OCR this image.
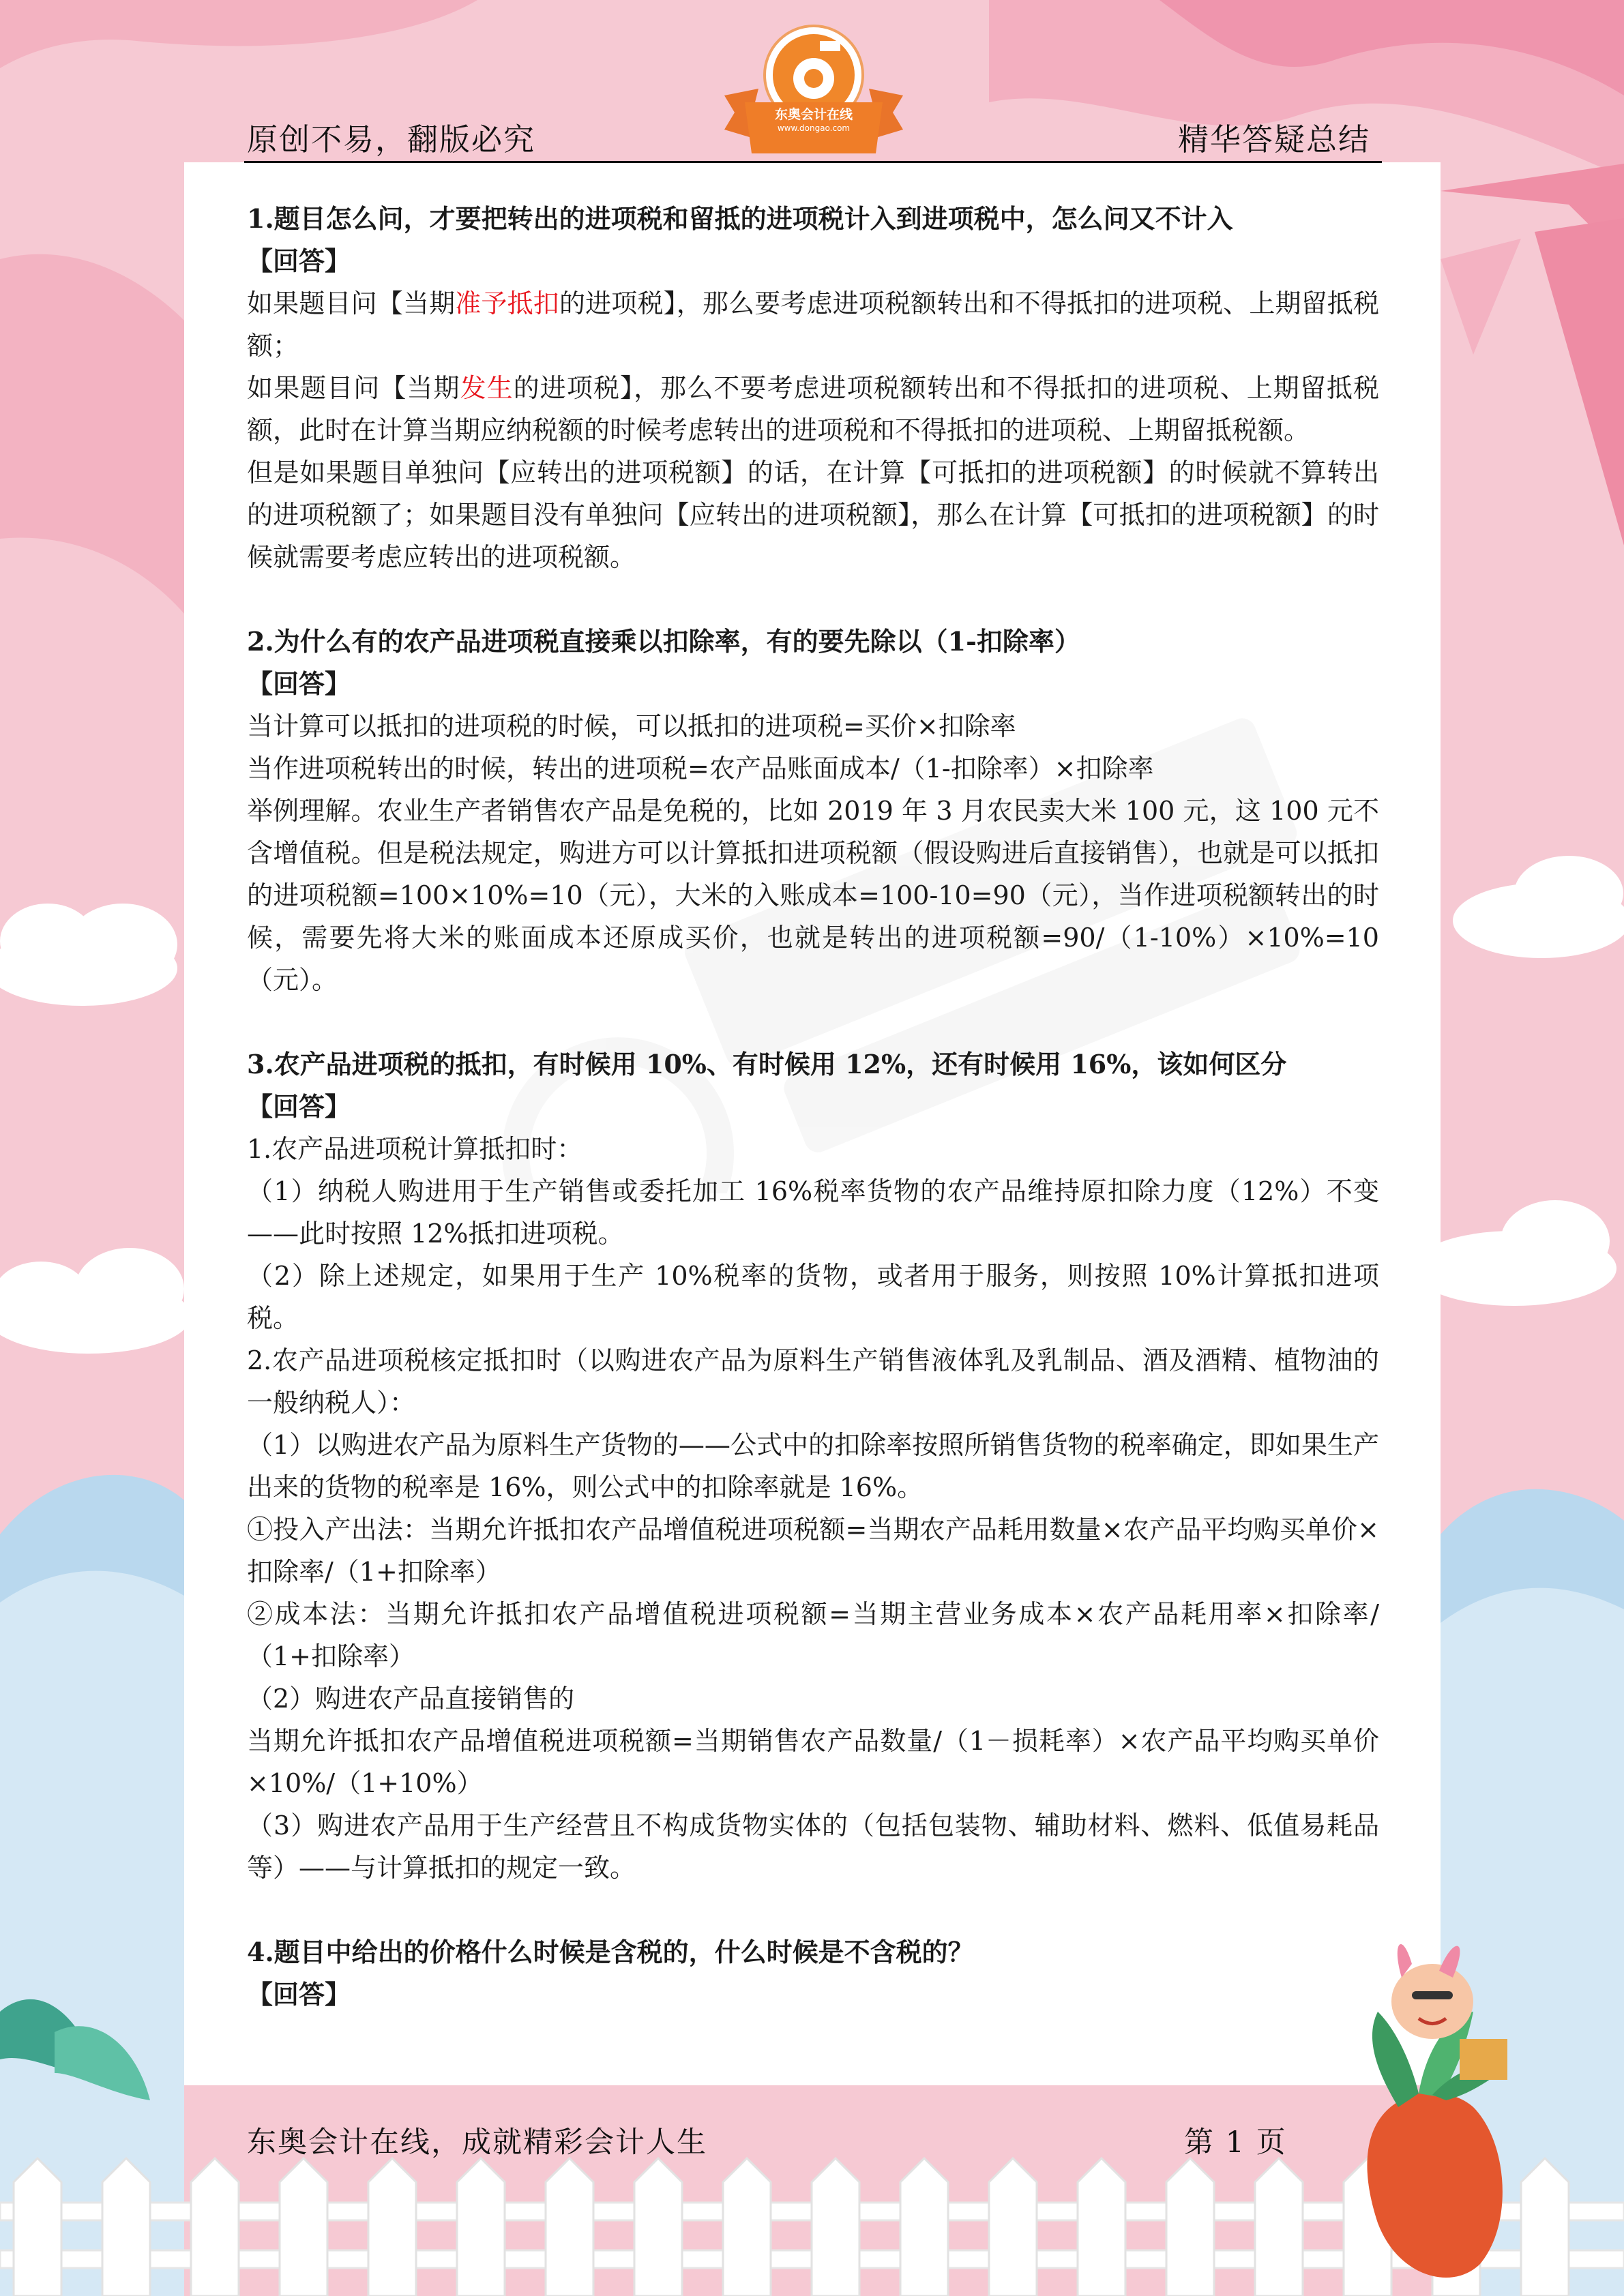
原创不易，翻版必究	精华答疑总结
东奥会计在线
www.dongao.com

1.题目怎么问，才要把转出的进项税和留抵的进项税计入到进项税中，怎么问又不计入

【回答】

如果题目问【当期准予抵扣的进项税】，那么要考虑进项税额转出和不得抵扣的进项税、上期留抵税额；

如果题目问【当期发生的进项税】，那么不要考虑进项税额转出和不得抵扣的进项税、上期留抵税额，此时在计算当期应纳税额的时候考虑转出的进项税和不得抵扣的进项税、上期留抵税额。

但是如果题目单独问【应转出的进项税额】的话，在计算【可抵扣的进项税额】的时候就不算转出的进项税额了；如果题目没有单独问【应转出的进项税额】，那么在计算【可抵扣的进项税额】的时候就需要考虑应转出的进项税额。

2.为什么有的农产品进项税直接乘以扣除率，有的要先除以（1-扣除率）

【回答】

当计算可以抵扣的进项税的时候，可以抵扣的进项税=买价×扣除率

当作进项税转出的时候，转出的进项税=农产品账面成本/（1-扣除率）×扣除率

举例理解。农业生产者销售农产品是免税的，比如 2019 年 3 月农民卖大米 100 元，这 100 元不含增值税。但是税法规定，购进方可以计算抵扣进项税额（假设购进后直接销售），也就是可以抵扣的进项税额=100×10%=10（元），大米的入账成本=100-10=90（元），当作进项税额转出的时候，需要先将大米的账面成本还原成买价，也就是转出的进项税额=90/（1-10%）×10%=10（元）。

3.农产品进项税的抵扣，有时候用 10%、有时候用 12%，还有时候用 16%，该如何区分

【回答】

1.农产品进项税计算抵扣时：

（1）纳税人购进用于生产销售或委托加工 16%税率货物的农产品维持原扣除力度（12%）不变——此时按照 12%抵扣进项税。

（2）除上述规定，如果用于生产 10%税率的货物，或者用于服务，则按照 10%计算抵扣进项税。

2.农产品进项税核定抵扣时（以购进农产品为原料生产销售液体乳及乳制品、酒及酒精、植物油的一般纳税人）：

（1）以购进农产品为原料生产货物的——公式中的扣除率按照所销售货物的税率确定，即如果生产出来的货物的税率是 16%，则公式中的扣除率就是 16%。

①投入产出法：当期允许抵扣农产品增值税进项税额=当期农产品耗用数量×农产品平均购买单价×扣除率/（1+扣除率）

②成本法：当期允许抵扣农产品增值税进项税额=当期主营业务成本×农产品耗用率×扣除率/（1+扣除率）

（2）购进农产品直接销售的

当期允许抵扣农产品增值税进项税额=当期销售农产品数量/（1－损耗率）×农产品平均购买单价×10%/（1+10%）

（3）购进农产品用于生产经营且不构成货物实体的（包括包装物、辅助材料、燃料、低值易耗品等）——与计算抵扣的规定一致。

4.题目中给出的价格什么时候是含税的，什么时候是不含税的？

【回答】

东奥会计在线，成就精彩会计人生	第 1 页
